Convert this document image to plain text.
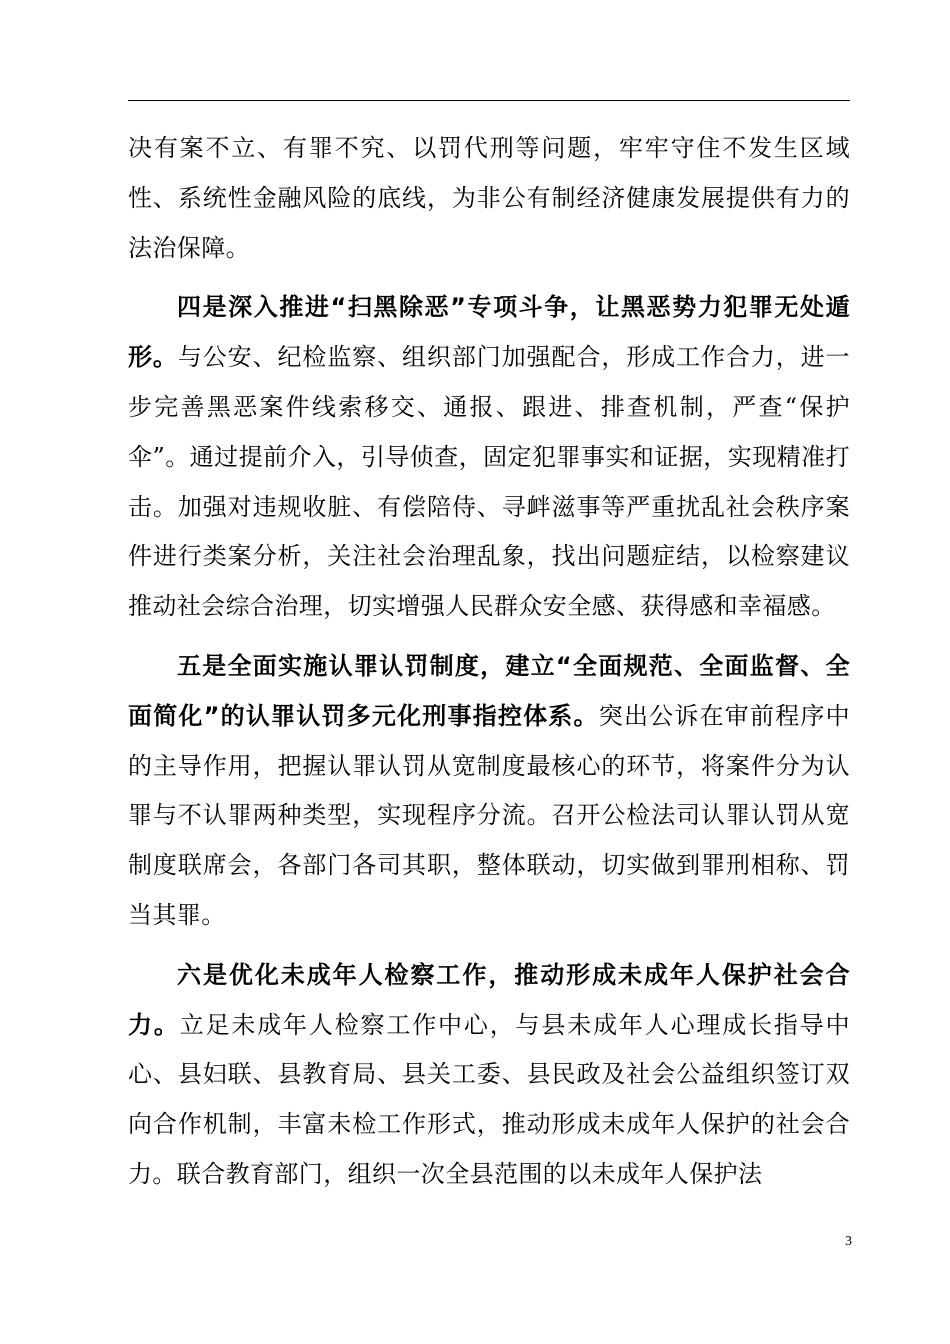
决有案不立、有罪不究、以罚代刑等问题，牢牢守住不发生区域性、系统性金融风险的底线，为非公有制经济健康发展提供有力的法治保障。

四是深入推进“扫黑除恶”专项斗争，让黑恶势力犯罪无处遁形。与公安、纪检监察、组织部门加强配合，形成工作合力，进一步完善黑恶案件线索移交、通报、跟进、排查机制，严查“保护伞”。通过提前介入，引导侦查，固定犯罪事实和证据，实现精准打击。加强对违规收脏、有偿陪侍、寻衅滋事等严重扰乱社会秩序案件进行类案分析，关注社会治理乱象，找出问题症结，以检察建议推动社会综合治理，切实增强人民群众安全感、获得感和幸福感。

五是全面实施认罪认罚制度，建立“全面规范、全面监督、全面简化”的认罪认罚多元化刑事指控体系。突出公诉在审前程序中的主导作用，把握认罪认罚从宽制度最核心的环节，将案件分为认罪与不认罪两种类型，实现程序分流。召开公检法司认罪认罚从宽制度联席会，各部门各司其职，整体联动，切实做到罪刑相称、罚当其罪。

六是优化未成年人检察工作，推动形成未成年人保护社会合力。立足未成年人检察工作中心，与县未成年人心理成长指导中心、县妇联、县教育局、县关工委、县民政及社会公益组织签订双向合作机制，丰富未检工作形式，推动形成未成年人保护的社会合力。联合教育部门，组织一次全县范围的以未成年人保护法

3
